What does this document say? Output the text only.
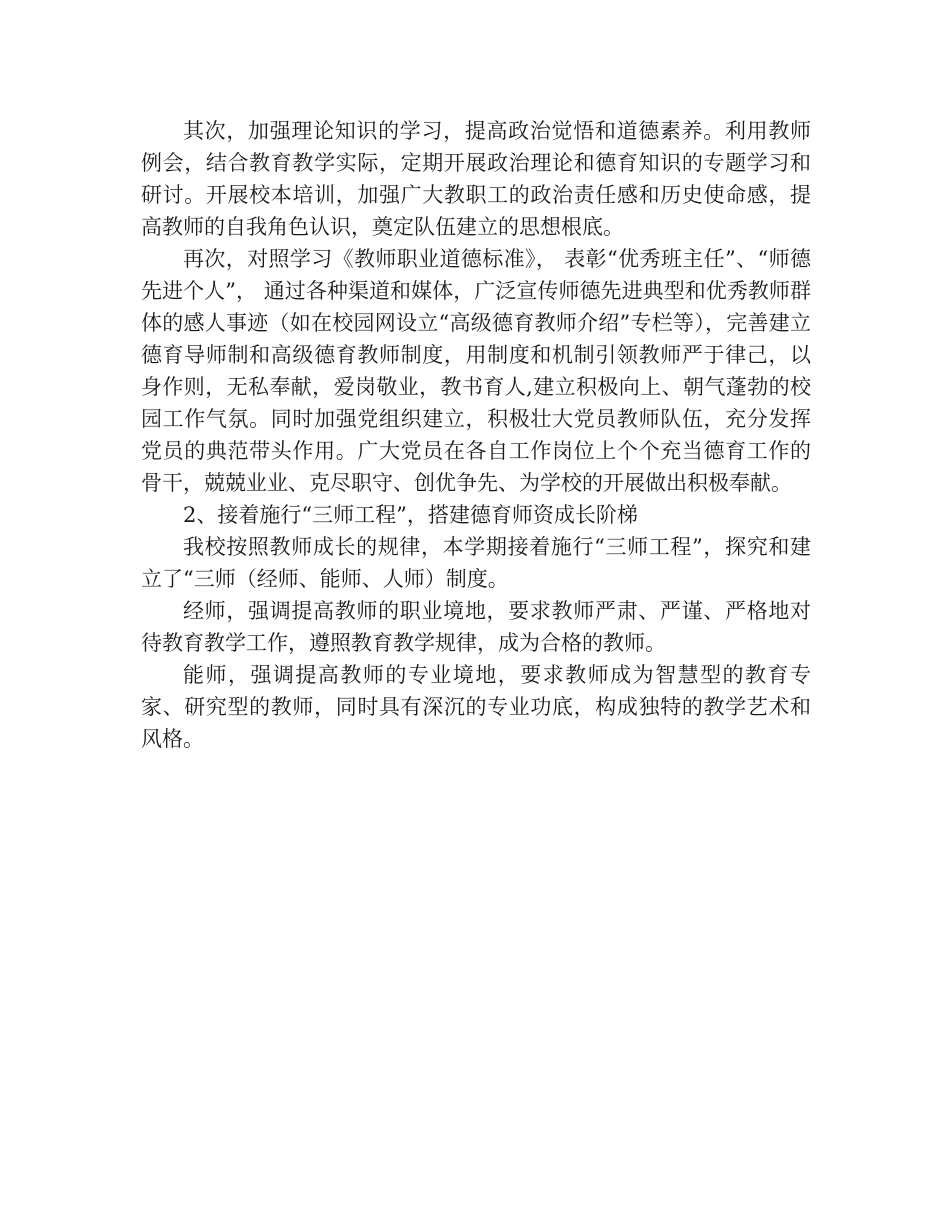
其次，加强理论知识的学习，提高政治觉悟和道德素养。利用教师例会，结合教育教学实际，定期开展政治理论和德育知识的专题学习和研讨。开展校本培训，加强广大教职工的政治责任感和历史使命感，提高教师的自我角色认识，奠定队伍建立的思想根底。

再次，对照学习《教师职业道德标准》， 表彰“优秀班主任”、“师德先进个人”， 通过各种渠道和媒体，广泛宣传师德先进典型和优秀教师群体的感人事迹（如在校园网设立“高级德育教师介绍”专栏等），完善建立德育导师制和高级德育教师制度，用制度和机制引领教师严于律己，以身作则，无私奉献，爱岗敬业，教书育人,建立积极向上、朝气蓬勃的校园工作气氛。同时加强党组织建立，积极壮大党员教师队伍，充分发挥党员的典范带头作用。广大党员在各自工作岗位上个个充当德育工作的骨干，兢兢业业、克尽职守、创优争先、为学校的开展做出积极奉献。

2、接着施行“三师工程”，搭建德育师资成长阶梯

我校按照教师成长的规律，本学期接着施行“三师工程”，探究和建立了“三师（经师、能师、人师）制度。

经师，强调提高教师的职业境地，要求教师严肃、严谨、严格地对待教育教学工作，遵照教育教学规律，成为合格的教师。

能师，强调提高教师的专业境地，要求教师成为智慧型的教育专家、研究型的教师，同时具有深沉的专业功底，构成独特的教学艺术和风格。
